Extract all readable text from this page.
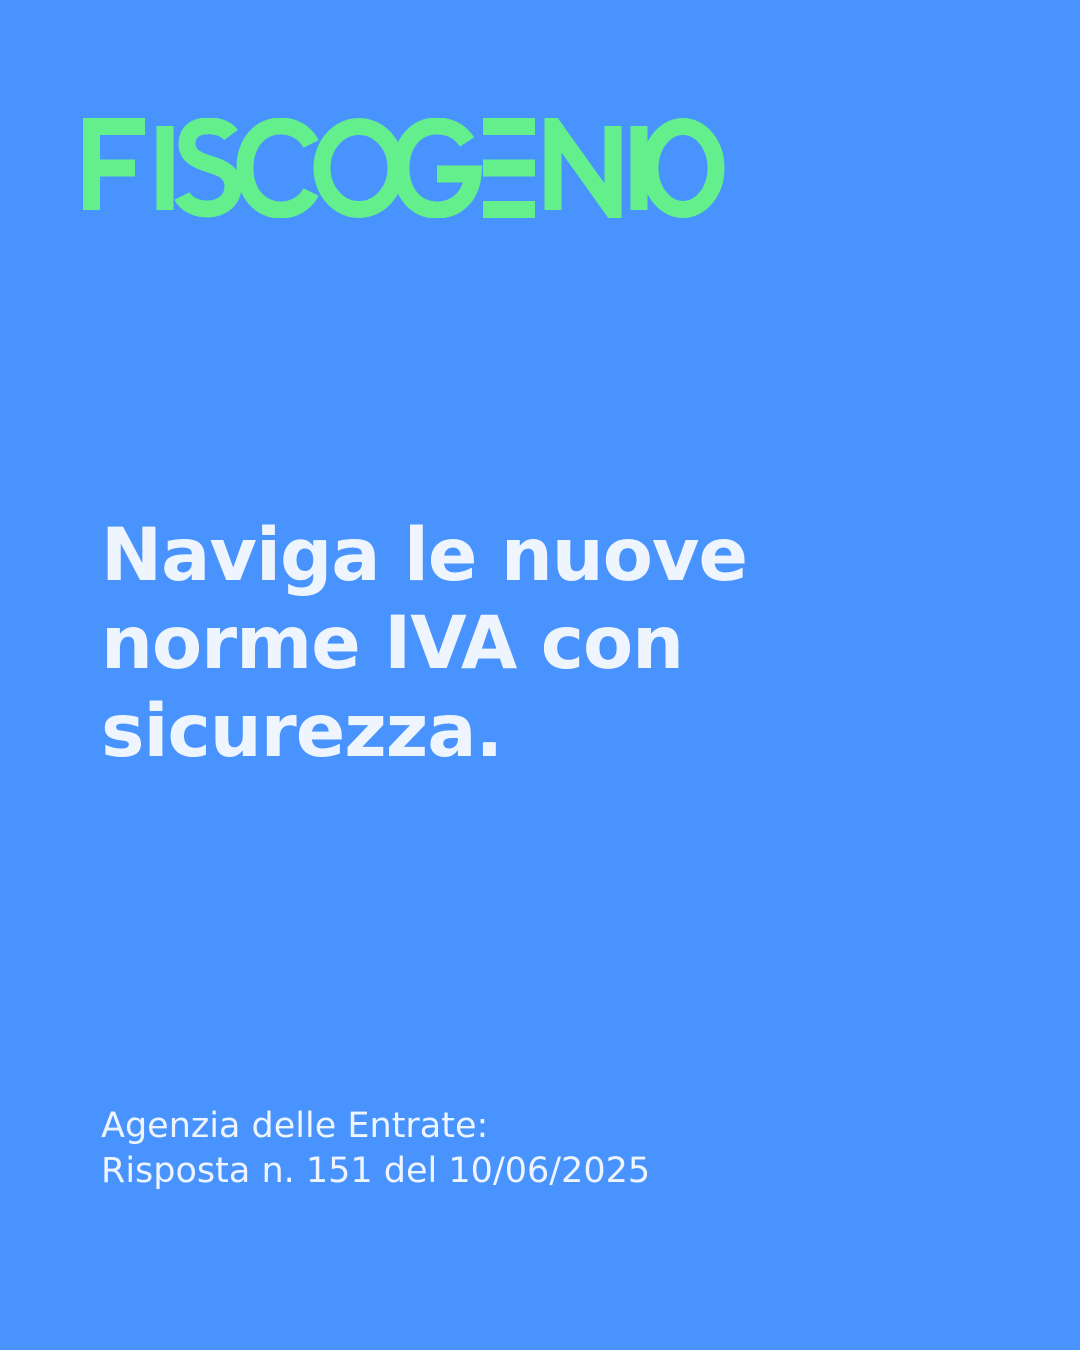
Naviga le nuove
norme IVA con
sicurezza.

Agenzia delle Entrate:
Risposta n. 151 del 10/06/2025
